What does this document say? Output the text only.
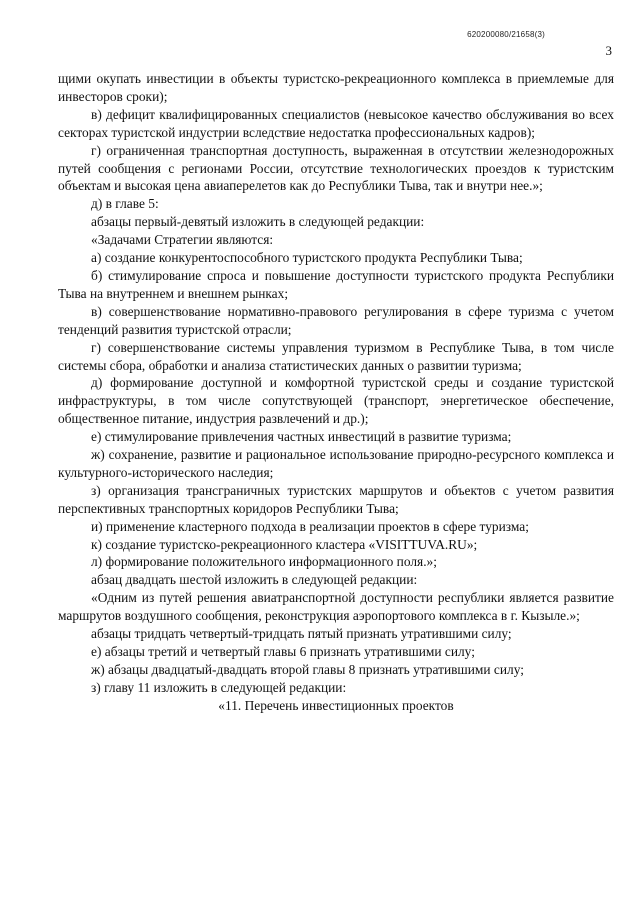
620200080/21658(3)
3

щими окупать инвестиции в объекты туристско-рекреационного комплекса в приемлемые для инвесторов сроки);

в) дефицит квалифицированных специалистов (невысокое качество обслуживания во всех секторах туристской индустрии вследствие недостатка профессиональных кадров);

г) ограниченная транспортная доступность, выраженная в отсутствии железнодорожных путей сообщения с регионами России, отсутствие технологических проездов к туристским объектам и высокая цена авиаперелетов как до Республики Тыва, так и внутри нее.»;

д) в главе 5:

абзацы первый-девятый изложить в следующей редакции:

«Задачами Стратегии являются:

а) создание конкурентоспособного туристского продукта Республики Тыва;

б) стимулирование спроса и повышение доступности туристского продукта Республики Тыва на внутреннем и внешнем рынках;

в) совершенствование нормативно-правового регулирования в сфере туризма с учетом тенденций развития туристской отрасли;

г) совершенствование системы управления туризмом в Республике Тыва, в том числе системы сбора, обработки и анализа статистических данных о развитии туризма;

д) формирование доступной и комфортной туристской среды и создание туристской инфраструктуры, в том числе сопутствующей (транспорт, энергетическое обеспечение, общественное питание, индустрия развлечений и др.);

е) стимулирование привлечения частных инвестиций в развитие туризма;

ж) сохранение, развитие и рациональное использование природно-ресурсного комплекса и культурного-исторического наследия;

з) организация трансграничных туристских маршрутов и объектов с учетом развития перспективных транспортных коридоров Республики Тыва;

и) применение кластерного подхода в реализации проектов в сфере туризма;

к) создание туристско-рекреационного кластера «VISITTUVA.RU»;

л) формирование положительного информационного поля.»;

абзац двадцать шестой изложить в следующей редакции:

«Одним из путей решения авиатранспортной доступности республики является развитие маршрутов воздушного сообщения, реконструкция аэропортового комплекса в г. Кызыле.»;

абзацы тридцать четвертый-тридцать пятый признать утратившими силу;

е) абзацы третий и четвертый главы 6 признать утратившими силу;

ж) абзацы двадцатый-двадцать второй главы 8 признать утратившими силу;

з) главу 11 изложить в следующей редакции:

«11. Перечень инвестиционных проектов
